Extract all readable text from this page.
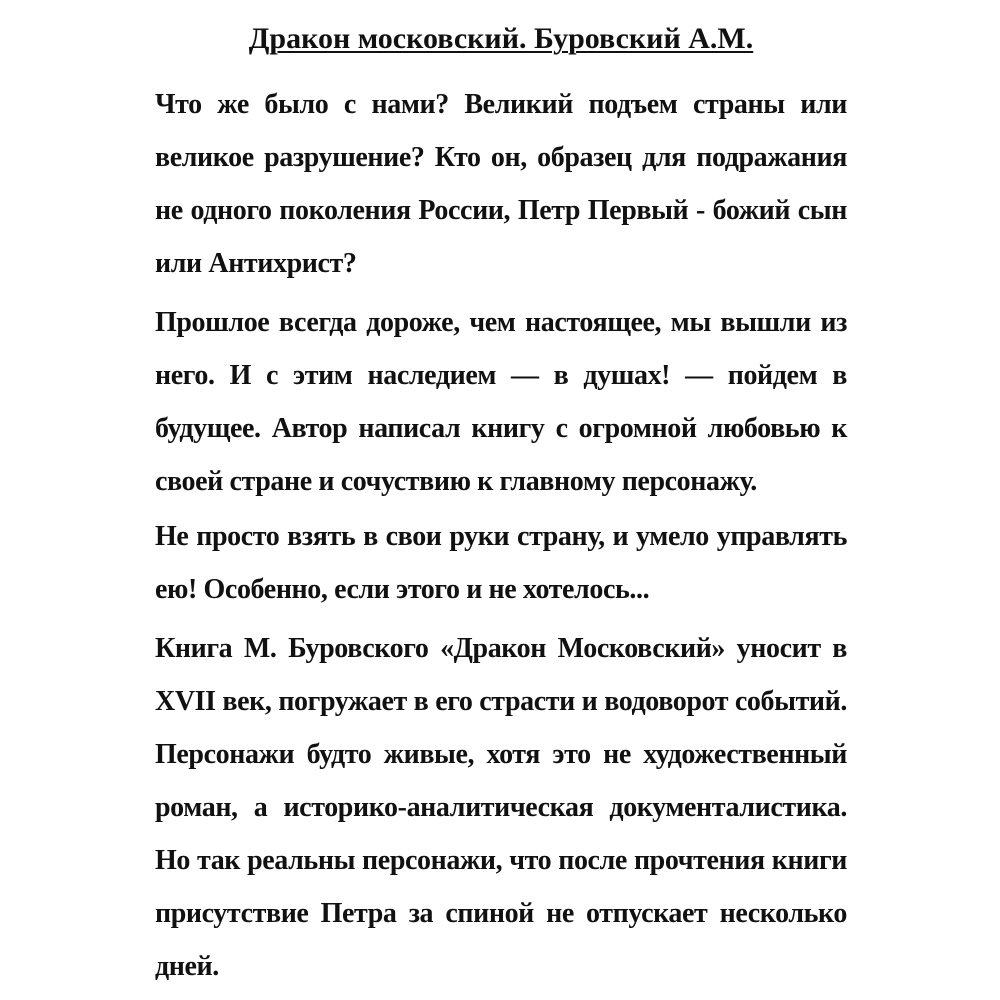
Дракон московский. Буровский А.М.

Что же было с нами? Великий подъем страны или великое разрушение? Кто он, образец для подражания не одного поколения России, Петр Первый - божий сын или Антихрист?

Прошлое всегда дороже, чем настоящее, мы вышли из него. И с этим наследием — в душах! — пойдем в будущее. Автор написал книгу с огромной любовью к своей стране и сочуствию к главному персонажу.

Не просто взять в свои руки страну, и умело управлять ею! Особенно, если этого и не хотелось...

Книга М. Буровского «Дракон Московский» уносит в XVII век, погружает в его страсти и водоворот событий. Персонажи будто живые, хотя это не художественный роман, а историко-аналитическая документалистика. Но так реальны персонажи, что после прочтения книги присутствие Петра за спиной не отпускает несколько дней.
